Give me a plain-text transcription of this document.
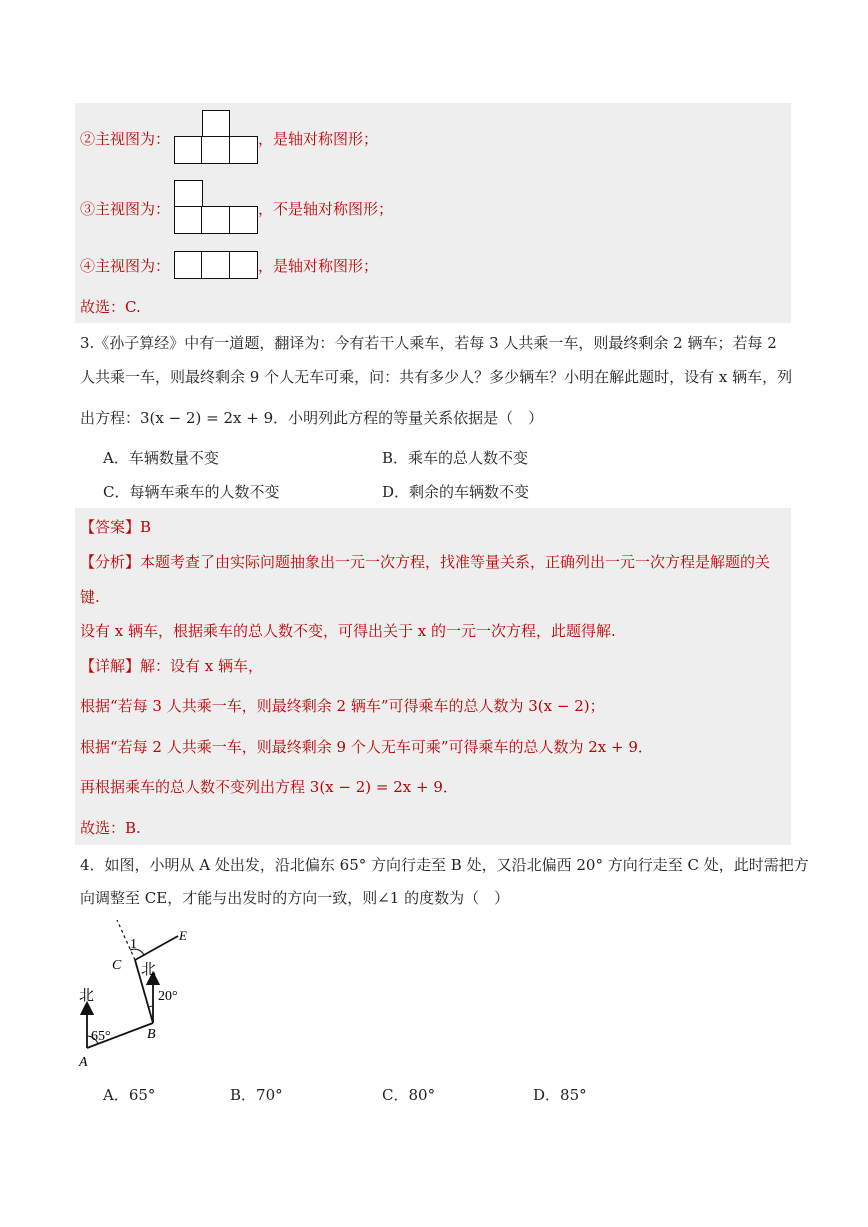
②主视图为：	，是轴对称图形；
③主视图为：	，不是轴对称图形；
④主视图为：	，是轴对称图形；
故选：C.
3.《孙子算经》中有一道题，翻译为：今有若干人乘车，若每 3 人共乘一车，则最终剩余 2 辆车；若每 2
人共乘一车，则最终剩余 9 个人无车可乘，问：共有多少人？多少辆车？小明在解此题时，设有 x 辆车，列
出方程：3(x − 2) = 2x + 9．小明列此方程的等量关系依据是（　）
A．车辆数量不变	B．乘车的总人数不变
C．每辆车乘车的人数不变	D．剩余的车辆数不变
【答案】B
【分析】本题考查了由实际问题抽象出一元一次方程，找准等量关系，正确列出一元一次方程是解题的关
键.
设有 x 辆车，根据乘车的总人数不变，可得出关于 x 的一元一次方程，此题得解.
【详解】解：设有 x 辆车，
根据“若每 3 人共乘一车，则最终剩余 2 辆车”可得乘车的总人数为 3(x − 2)；
根据“若每 2 人共乘一车，则最终剩余 9 个人无车可乘”可得乘车的总人数为 2x + 9．
再根据乘车的总人数不变列出方程 3(x − 2) = 2x + 9．
故选：B.
4．如图，小明从 A 处出发，沿北偏东 65° 方向行走至 B 处，又沿北偏西 20° 方向行走至 C 处，此时需把方
向调整至 CE，才能与出发时的方向一致，则∠1 的度数为（　）
1
E
C 北
20°
北
65°	B
A
A．65°	B．70°	C．80°	D．85°
